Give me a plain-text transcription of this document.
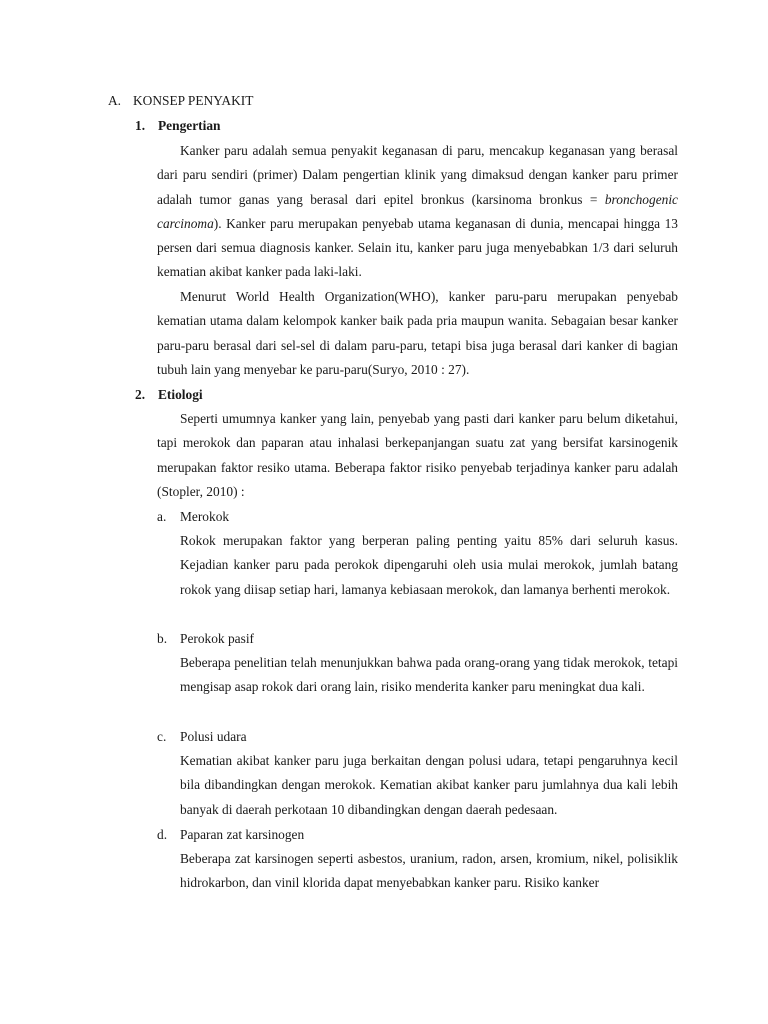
A. KONSEP PENYAKIT
1. Pengertian

Kanker paru adalah semua penyakit keganasan di paru, mencakup keganasan yang berasal dari paru sendiri (primer) Dalam pengertian klinik yang dimaksud dengan kanker paru primer adalah tumor ganas yang berasal dari epitel bronkus (karsinoma bronkus = bronchogenic carcinoma). Kanker paru merupakan penyebab utama keganasan di dunia, mencapai hingga 13 persen dari semua diagnosis kanker. Selain itu, kanker paru juga menyebabkan 1/3 dari seluruh kematian akibat kanker pada laki-laki.

Menurut World Health Organization(WHO), kanker paru-paru merupakan penyebab kematian utama dalam kelompok kanker baik pada pria maupun wanita. Sebagaian besar kanker paru-paru berasal dari sel-sel di dalam paru-paru, tetapi bisa juga berasal dari kanker di bagian tubuh lain yang menyebar ke paru-paru(Suryo, 2010 : 27).

2. Etiologi

Seperti umumnya kanker yang lain, penyebab yang pasti dari kanker paru belum diketahui, tapi merokok dan paparan atau inhalasi berkepanjangan suatu zat yang bersifat karsinogenik merupakan faktor resiko utama. Beberapa faktor risiko penyebab terjadinya kanker paru adalah (Stopler, 2010) :

a. Merokok

Rokok merupakan faktor yang berperan paling penting yaitu 85% dari seluruh kasus. Kejadian kanker paru pada perokok dipengaruhi oleh usia mulai merokok, jumlah batang rokok yang diisap setiap hari, lamanya kebiasaan merokok, dan lamanya berhenti merokok.

b. Perokok pasif

Beberapa penelitian telah menunjukkan bahwa pada orang-orang yang tidak merokok, tetapi mengisap asap rokok dari orang lain, risiko menderita kanker paru meningkat dua kali.

c. Polusi udara

Kematian akibat kanker paru juga berkaitan dengan polusi udara, tetapi pengaruhnya kecil bila dibandingkan dengan merokok. Kematian akibat kanker paru jumlahnya dua kali lebih banyak di daerah perkotaan 10 dibandingkan dengan daerah pedesaan.

d. Paparan zat karsinogen

Beberapa zat karsinogen seperti asbestos, uranium, radon, arsen, kromium, nikel, polisiklik hidrokarbon, dan vinil klorida dapat menyebabkan kanker paru. Risiko kanker
